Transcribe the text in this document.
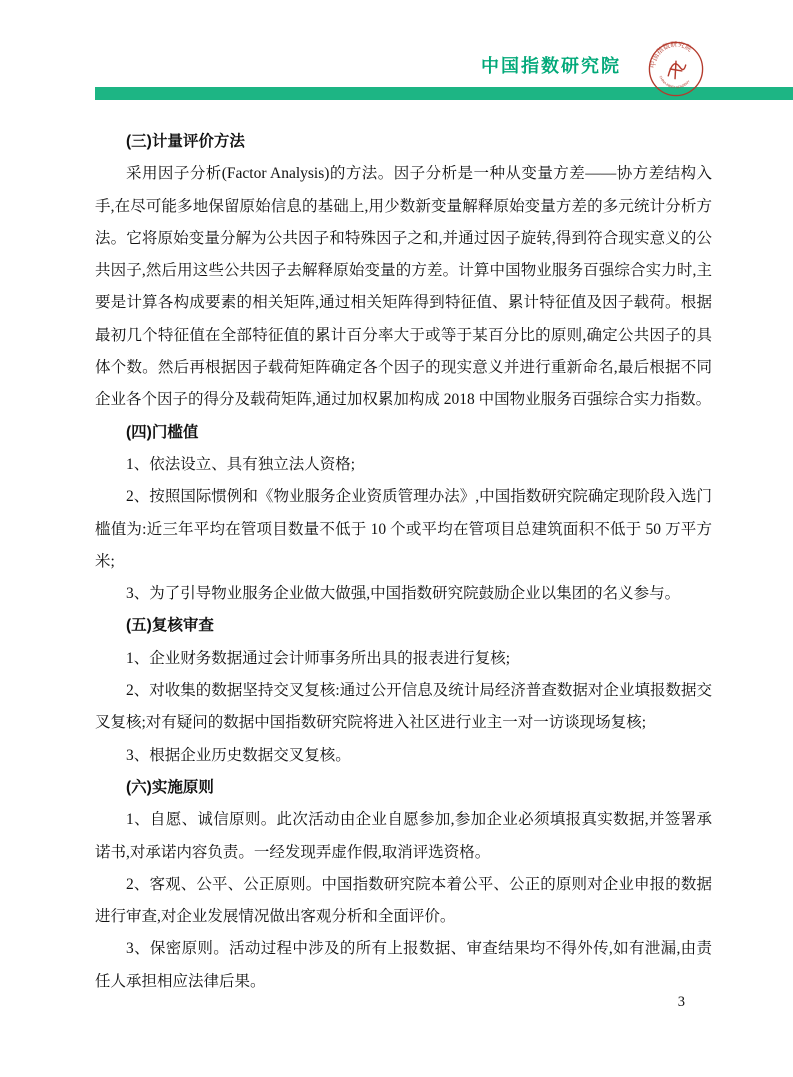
中国指数研究院	中国指数研究院
CHINA INDEX ACADEMY

(三)计量评价方法

采用因子分析(Factor Analysis)的方法。因子分析是一种从变量方差——协方差结构入手,在尽可能多地保留原始信息的基础上,用少数新变量解释原始变量方差的多元统计分析方法。它将原始变量分解为公共因子和特殊因子之和,并通过因子旋转,得到符合现实意义的公共因子,然后用这些公共因子去解释原始变量的方差。计算中国物业服务百强综合实力时,主要是计算各构成要素的相关矩阵,通过相关矩阵得到特征值、累计特征值及因子载荷。根据最初几个特征值在全部特征值的累计百分率大于或等于某百分比的原则,确定公共因子的具体个数。然后再根据因子载荷矩阵确定各个因子的现实意义并进行重新命名,最后根据不同企业各个因子的得分及载荷矩阵,通过加权累加构成 2018 中国物业服务百强综合实力指数。

(四)门槛值

1、依法设立、具有独立法人资格;

2、按照国际惯例和《物业服务企业资质管理办法》,中国指数研究院确定现阶段入选门槛值为:近三年平均在管项目数量不低于 10 个或平均在管项目总建筑面积不低于 50 万平方米;

3、为了引导物业服务企业做大做强,中国指数研究院鼓励企业以集团的名义参与。

(五)复核审查

1、企业财务数据通过会计师事务所出具的报表进行复核;

2、对收集的数据坚持交叉复核:通过公开信息及统计局经济普查数据对企业填报数据交叉复核;对有疑问的数据中国指数研究院将进入社区进行业主一对一访谈现场复核;

3、根据企业历史数据交叉复核。

(六)实施原则

1、自愿、诚信原则。此次活动由企业自愿参加,参加企业必须填报真实数据,并签署承诺书,对承诺内容负责。一经发现弄虚作假,取消评选资格。

2、客观、公平、公正原则。中国指数研究院本着公平、公正的原则对企业申报的数据进行审查,对企业发展情况做出客观分析和全面评价。

3、保密原则。活动过程中涉及的所有上报数据、审查结果均不得外传,如有泄漏,由责任人承担相应法律后果。

3
